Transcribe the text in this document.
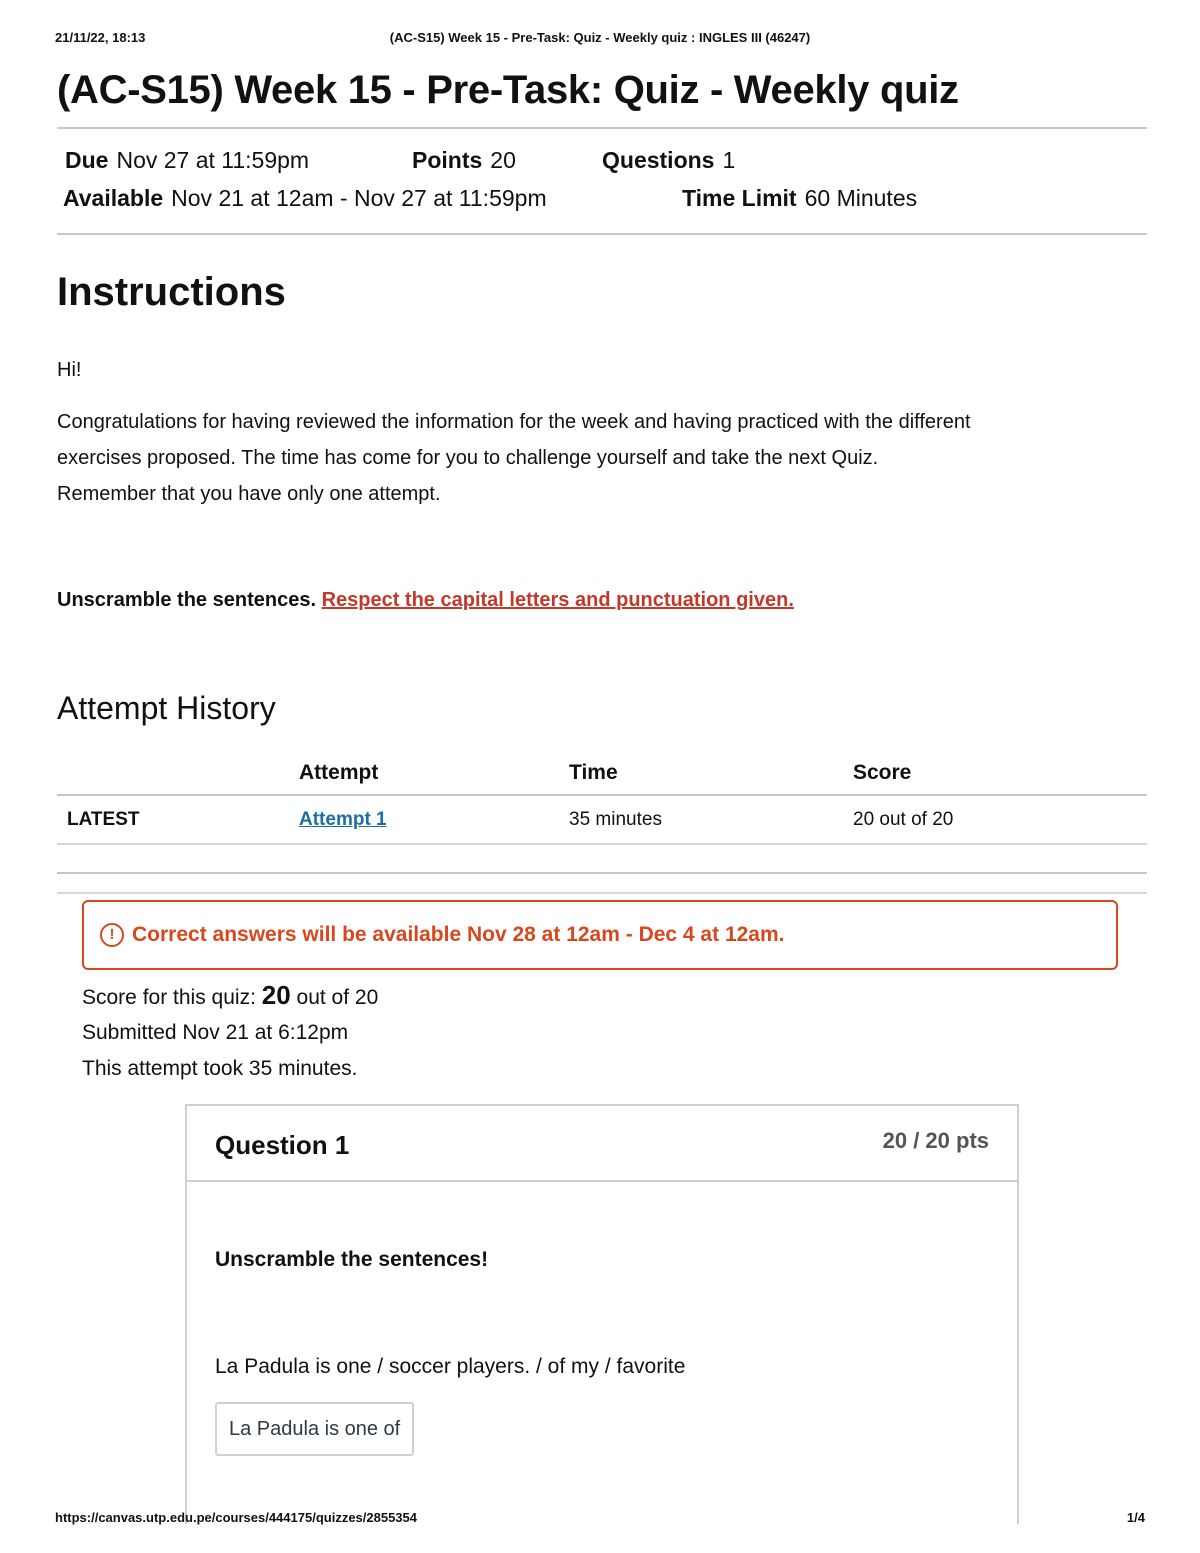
21/11/22, 18:13	(AC-S15) Week 15 - Pre-Task: Quiz - Weekly quiz : INGLES III (46247)
(AC-S15) Week 15 - Pre-Task: Quiz - Weekly quiz
Due Nov 27 at 11:59pm	Points 20	Questions 1
Available Nov 21 at 12am - Nov 27 at 11:59pm	Time Limit 60 Minutes
Instructions

Hi!

Congratulations for having reviewed the information for the week and having practiced with the different

exercises proposed. The time has come for you to challenge yourself and take the next Quiz.

Remember that you have only one attempt.

Unscramble the sentences. Respect the capital letters and punctuation given.

Attempt History
	Attempt	Time	Score
LATEST	Attempt 1	35 minutes	20 out of 20

! Correct answers will be available Nov 28 at 12am - Dec 4 at 12am.
Score for this quiz: 20 out of 20
Submitted Nov 21 at 6:12pm
This attempt took 35 minutes.
Question 1	20 / 20 pts
Unscramble the sentences!
La Padula is one / soccer players. / of my / favorite
La Padula is one of
https://canvas.utp.edu.pe/courses/444175/quizzes/2855354	1/4
